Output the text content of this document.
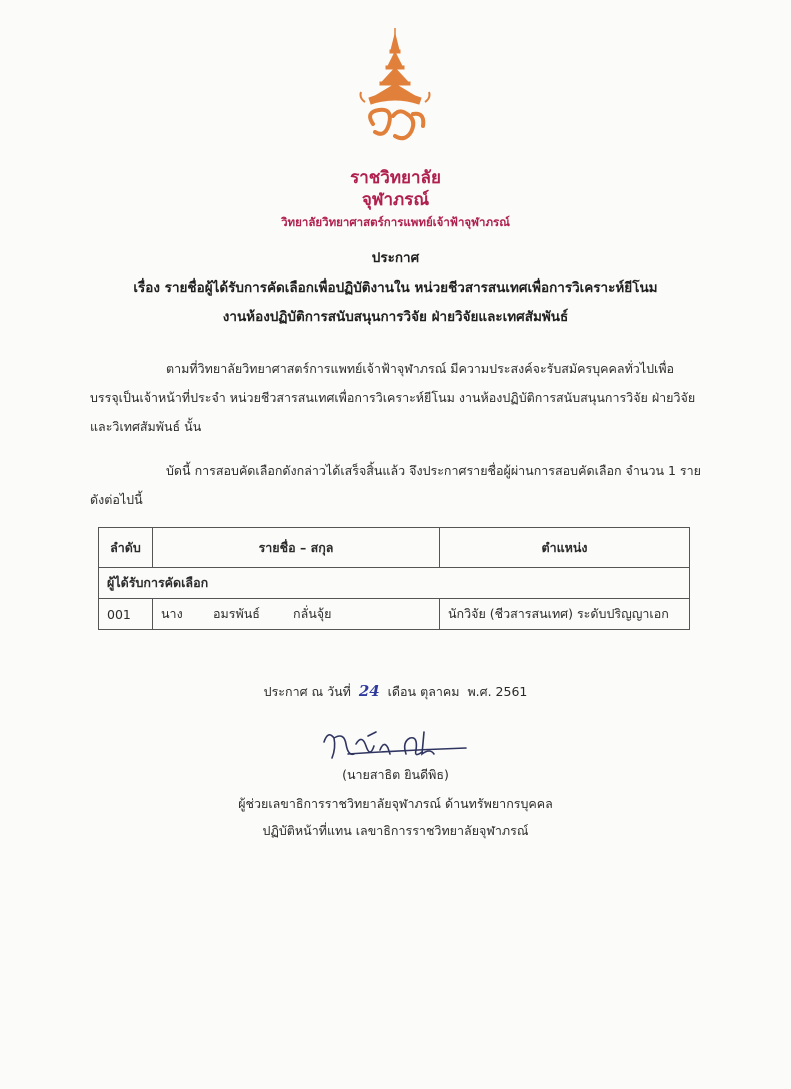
ราชวิทยาลัย
จุฬาภรณ์
วิทยาลัยวิทยาศาสตร์การแพทย์เจ้าฟ้าจุฬาภรณ์
ประกาศ
เรื่อง รายชื่อผู้ได้รับการคัดเลือกเพื่อปฏิบัติงานใน หน่วยชีวสารสนเทศเพื่อการวิเคราะห์ยีโนม
งานห้องปฏิบัติการสนับสนุนการวิจัย ฝ่ายวิจัยและเทศสัมพันธ์
ตามที่วิทยาลัยวิทยาศาสตร์การแพทย์เจ้าฟ้าจุฬาภรณ์ มีความประสงค์จะรับสมัครบุคคลทั่วไปเพื่อบรรจุเป็นเจ้าหน้าที่ประจำ หน่วยชีวสารสนเทศเพื่อการวิเคราะห์ยีโนม งานห้องปฏิบัติการสนับสนุนการวิจัย ฝ่ายวิจัยและวิเทศสัมพันธ์ นั้น
บัดนี้ การสอบคัดเลือกดังกล่าวได้เสร็จสิ้นแล้ว จึงประกาศรายชื่อผู้ผ่านการสอบคัดเลือก จำนวน 1 ราย ดังต่อไปนี้
ลำดับ	รายชื่อ – สกุล	ตำแหน่ง
ผู้ได้รับการคัดเลือก		
001	นาง อมรพันธ์ กลั่นจุ้ย	นักวิจัย (ชีวสารสนเทศ) ระดับปริญญาเอก
ประกาศ ณ วันที่ 24 เดือน ตุลาคม พ.ศ. 2561
(นายสาธิต ยินดีพิธ)
ผู้ช่วยเลขาธิการราชวิทยาลัยจุฬาภรณ์ ด้านทรัพยากรบุคคล
ปฏิบัติหน้าที่แทน เลขาธิการราชวิทยาลัยจุฬาภรณ์
